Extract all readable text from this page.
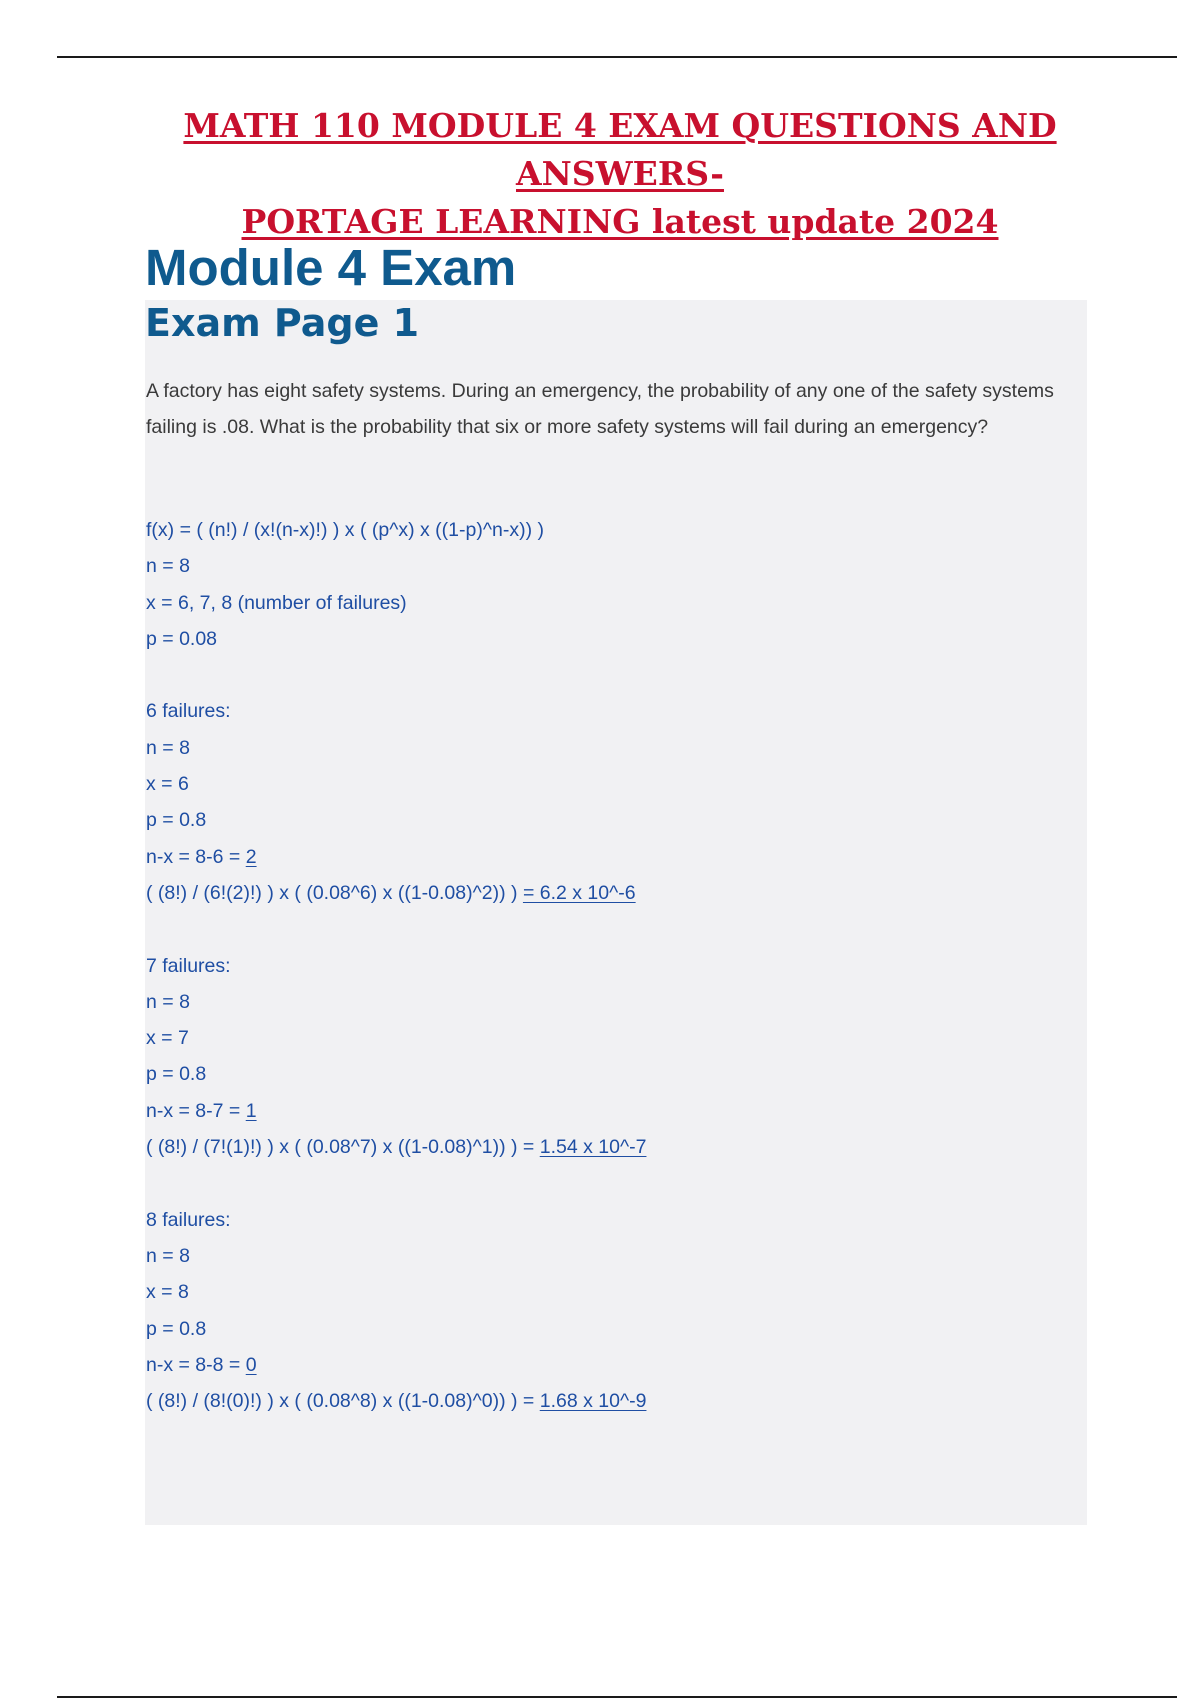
MATH 110 MODULE 4 EXAM QUESTIONS AND ANSWERS-
PORTAGE LEARNING latest update 2024
Module 4 Exam
Exam Page 1
A factory has eight safety systems. During an emergency, the probability of any one of the safety systems failing is .08. What is the probability that six or more safety systems will fail during an emergency?
f(x) = ( (n!) / (x!(n-x)!) ) x ( (p^x) x ((1-p)^n-x)) )
n = 8
x = 6, 7, 8 (number of failures)
p = 0.08
6 failures:
n = 8
x = 6
p = 0.8
n-x = 8-6 = 2
( (8!) / (6!(2)!) ) x ( (0.08^6) x ((1-0.08)^2)) ) = 6.2 x 10^-6
7 failures:
n = 8
x = 7
p = 0.8
n-x = 8-7 = 1
( (8!) / (7!(1)!) ) x ( (0.08^7) x ((1-0.08)^1)) ) = 1.54 x 10^-7
8 failures:
n = 8
x = 8
p = 0.8
n-x = 8-8 = 0
( (8!) / (8!(0)!) ) x ( (0.08^8) x ((1-0.08)^0)) ) = 1.68 x 10^-9
